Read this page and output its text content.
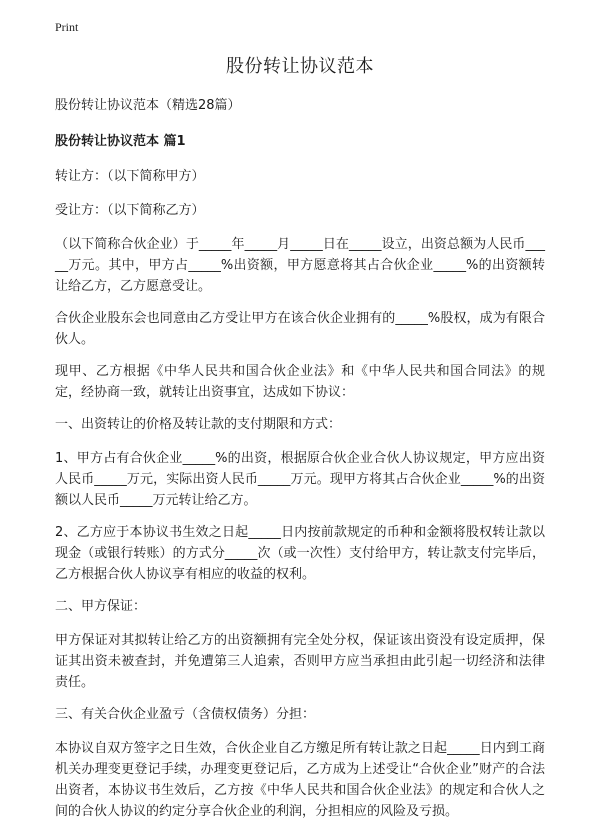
Print
股份转让协议范本

股份转让协议范本（精选28篇）

股份转让协议范本 篇1

转让方：（以下简称甲方）

受让方：（以下简称乙方）

（以下简称合伙企业）于_____年_____月_____日在_____设立，出资总额为人民币_____万元。其中，甲方占_____%出资额，甲方愿意将其占合伙企业_____%的出资额转让给乙方，乙方愿意受让。

合伙企业股东会也同意由乙方受让甲方在该合伙企业拥有的_____%股权，成为有限合伙人。

现甲、乙方根据《中华人民共和国合伙企业法》和《中华人民共和国合同法》的规定，经协商一致，就转让出资事宜，达成如下协议：

一、出资转让的价格及转让款的支付期限和方式：

1、甲方占有合伙企业_____%的出资，根据原合伙企业合伙人协议规定，甲方应出资人民币_____万元，实际出资人民币_____万元。现甲方将其占合伙企业_____%的出资额以人民币_____万元转让给乙方。

2、乙方应于本协议书生效之日起_____日内按前款规定的币种和金额将股权转让款以现金（或银行转账）的方式分_____次（或一次性）支付给甲方，转让款支付完毕后，乙方根据合伙人协议享有相应的收益的权利。

二、甲方保证：

甲方保证对其拟转让给乙方的出资额拥有完全处分权，保证该出资没有设定质押，保证其出资未被查封，并免遭第三人追索，否则甲方应当承担由此引起一切经济和法律责任。

三、有关合伙企业盈亏（含债权债务）分担：

本协议自双方签字之日生效，合伙企业自乙方缴足所有转让款之日起_____日内到工商机关办理变更登记手续，办理变更登记后，乙方成为上述受让“合伙企业”财产的合法出资者，本协议书生效后，乙方按《中华人民共和国合伙企业法》的规定和合伙人之间的合伙人协议的约定分享合伙企业的利润，分担相应的风险及亏损。
